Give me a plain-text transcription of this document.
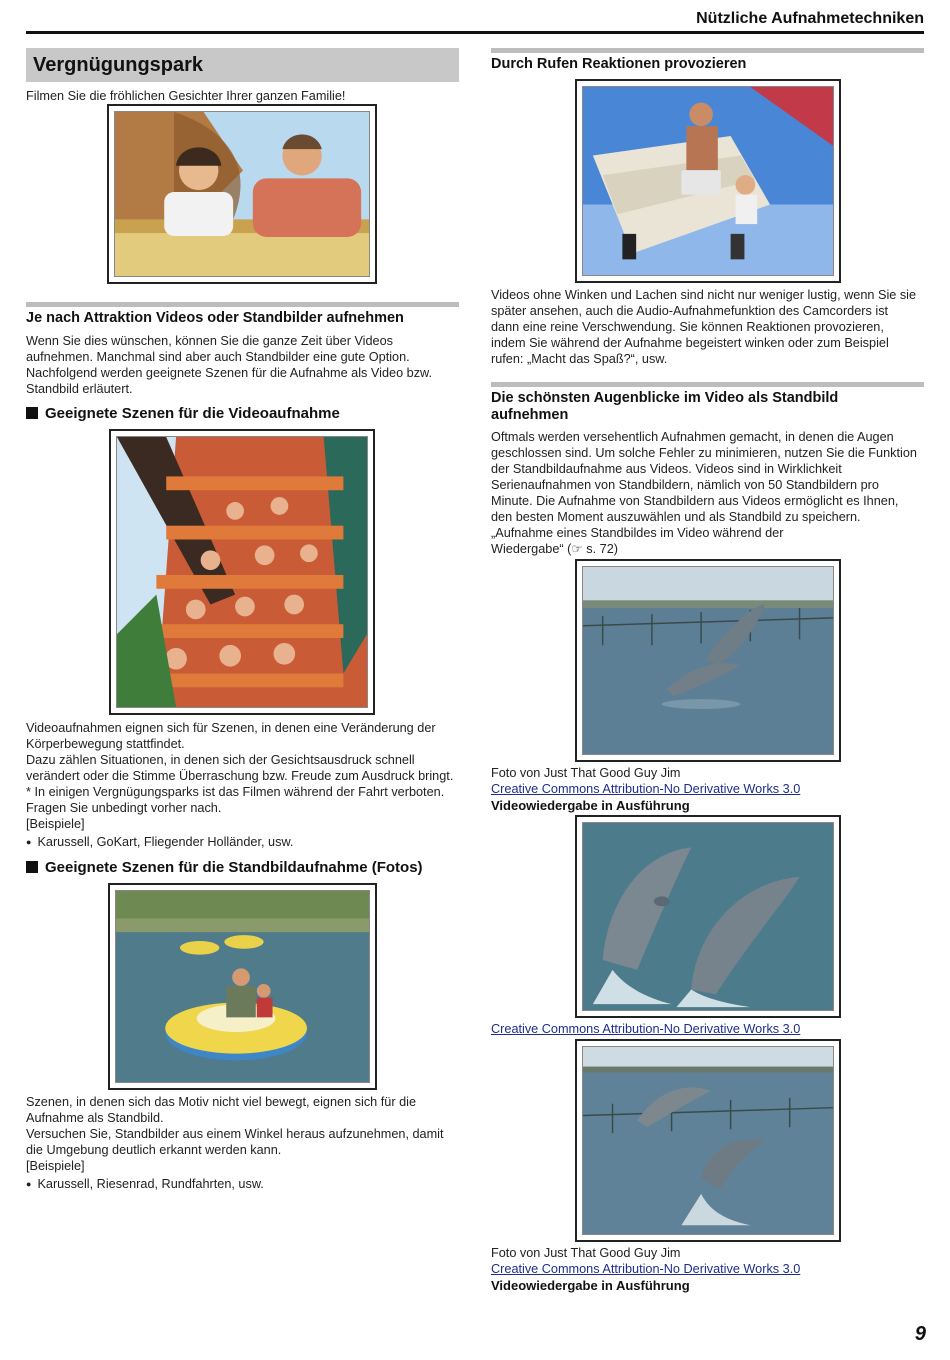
Nützliche Aufnahmetechniken
Vergnügungspark
Filmen Sie die fröhlichen Gesichter Ihrer ganzen Familie!
Je nach Attraktion Videos oder Standbilder aufnehmen
Wenn Sie dies wünschen, können Sie die ganze Zeit über Videos
aufnehmen. Manchmal sind aber auch Standbilder eine gute Option.
Nachfolgend werden geeignete Szenen für die Aufnahme als Video bzw.
Standbild erläutert.
Geeignete Szenen für die Videoaufnahme
Videoaufnahmen eignen sich für Szenen, in denen eine Veränderung der
Körperbewegung stattfindet.
Dazu zählen Situationen, in denen sich der Gesichtsausdruck schnell
verändert oder die Stimme Überraschung bzw. Freude zum Ausdruck bringt.
* In einigen Vergnügungsparks ist das Filmen während der Fahrt verboten.
Fragen Sie unbedingt vorher nach.
[Beispiele]
● Karussell, GoKart, Fliegender Holländer, usw.
Geeignete Szenen für die Standbildaufnahme (Fotos)
Szenen, in denen sich das Motiv nicht viel bewegt, eignen sich für die
Aufnahme als Standbild.
Versuchen Sie, Standbilder aus einem Winkel heraus aufzunehmen, damit
die Umgebung deutlich erkannt werden kann.
[Beispiele]
● Karussell, Riesenrad, Rundfahrten, usw.
Durch Rufen Reaktionen provozieren
Videos ohne Winken und Lachen sind nicht nur weniger lustig, wenn Sie sie
später ansehen, auch die Audio-Aufnahmefunktion des Camcorders ist
dann eine reine Verschwendung. Sie können Reaktionen provozieren,
indem Sie während der Aufnahme begeistert winken oder zum Beispiel
rufen: „Macht das Spaß?“, usw.
Die schönsten Augenblicke im Video als Standbild
aufnehmen
Oftmals werden versehentlich Aufnahmen gemacht, in denen die Augen
geschlossen sind. Um solche Fehler zu minimieren, nutzen Sie die Funktion
der Standbildaufnahme aus Videos. Videos sind in Wirklichkeit
Serienaufnahmen von Standbildern, nämlich von 50 Standbildern pro
Minute. Die Aufnahme von Standbildern aus Videos ermöglicht es Ihnen,
den besten Moment auszuwählen und als Standbild zu speichern.
„Aufnahme eines Standbildes im Video während der
Wiedergabe“ (☞ s. 72)
Foto von Just That Good Guy Jim
Creative Commons Attribution-No Derivative Works 3.0
Videowiedergabe in Ausführung
Creative Commons Attribution-No Derivative Works 3.0
Foto von Just That Good Guy Jim
Creative Commons Attribution-No Derivative Works 3.0
Videowiedergabe in Ausführung
9
